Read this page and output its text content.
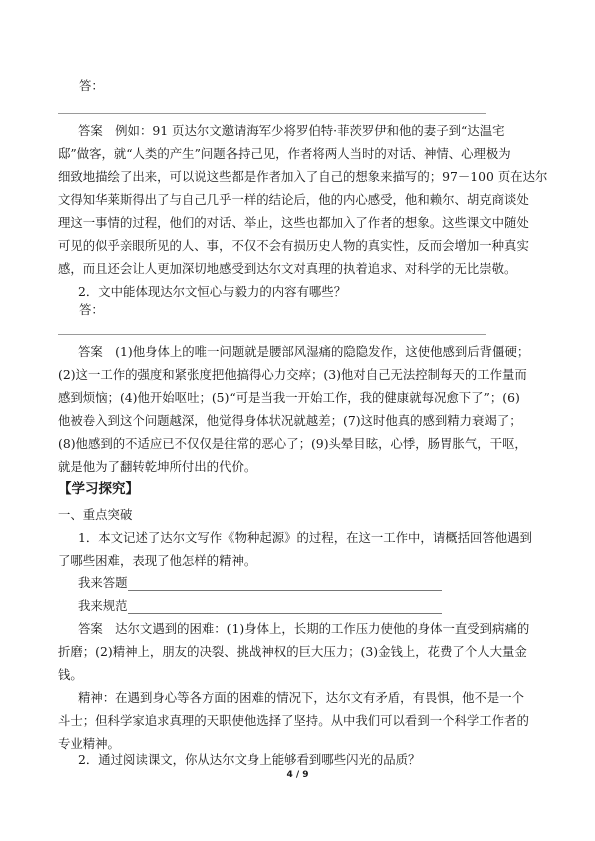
答：
答案　例如：91 页达尔文邀请海军少将罗伯特·菲茨罗伊和他的妻子到“达温宅
邸”做客，就“人类的产生”问题各持己见，作者将两人当时的对话、神情、心理极为
细致地描绘了出来，可以说这些都是作者加入了自己的想象来描写的；97－100 页在达尔
文得知华莱斯得出了与自己几乎一样的结论后，他的内心感受，他和赖尔、胡克商谈处
理这一事情的过程，他们的对话、举止，这些也都加入了作者的想象。这些课文中随处
可见的似乎亲眼所见的人、事，不仅不会有损历史人物的真实性，反而会增加一种真实
感，而且还会让人更加深切地感受到达尔文对真理的执着追求、对科学的无比崇敬。
2．文中能体现达尔文恒心与毅力的内容有哪些？
答：
答案　(1)他身体上的唯一问题就是腰部风湿痛的隐隐发作，这使他感到后背僵硬；
(2)这一工作的强度和紧张度把他搞得心力交瘁；(3)他对自己无法控制每天的工作量而
感到烦恼；(4)他开始呕吐；(5)“可是当我一开始工作，我的健康就每况愈下了”；(6)
他被卷入到这个问题越深，他觉得身体状况就越差；(7)这时他真的感到精力衰竭了；
(8)他感到的不适应已不仅仅是往常的恶心了；(9)头晕目眩，心悸，肠胃胀气，干呕，
就是他为了翻转乾坤所付出的代价。
【学习探究】
一、重点突破
1．本文记述了达尔文写作《物种起源》的过程，在这一工作中，请概括回答他遇到
了哪些困难，表现了他怎样的精神。
我来答题
我来规范
答案　达尔文遇到的困难：(1)身体上，长期的工作压力使他的身体一直受到病痛的
折磨；(2)精神上，朋友的决裂、挑战神权的巨大压力；(3)金钱上，花费了个人大量金
钱。
精神：在遇到身心等各方面的困难的情况下，达尔文有矛盾，有畏惧，他不是一个
斗士；但科学家追求真理的天职使他选择了坚持。从中我们可以看到一个科学工作者的
专业精神。
2．通过阅读课文，你从达尔文身上能够看到哪些闪光的品质？
4 / 9
